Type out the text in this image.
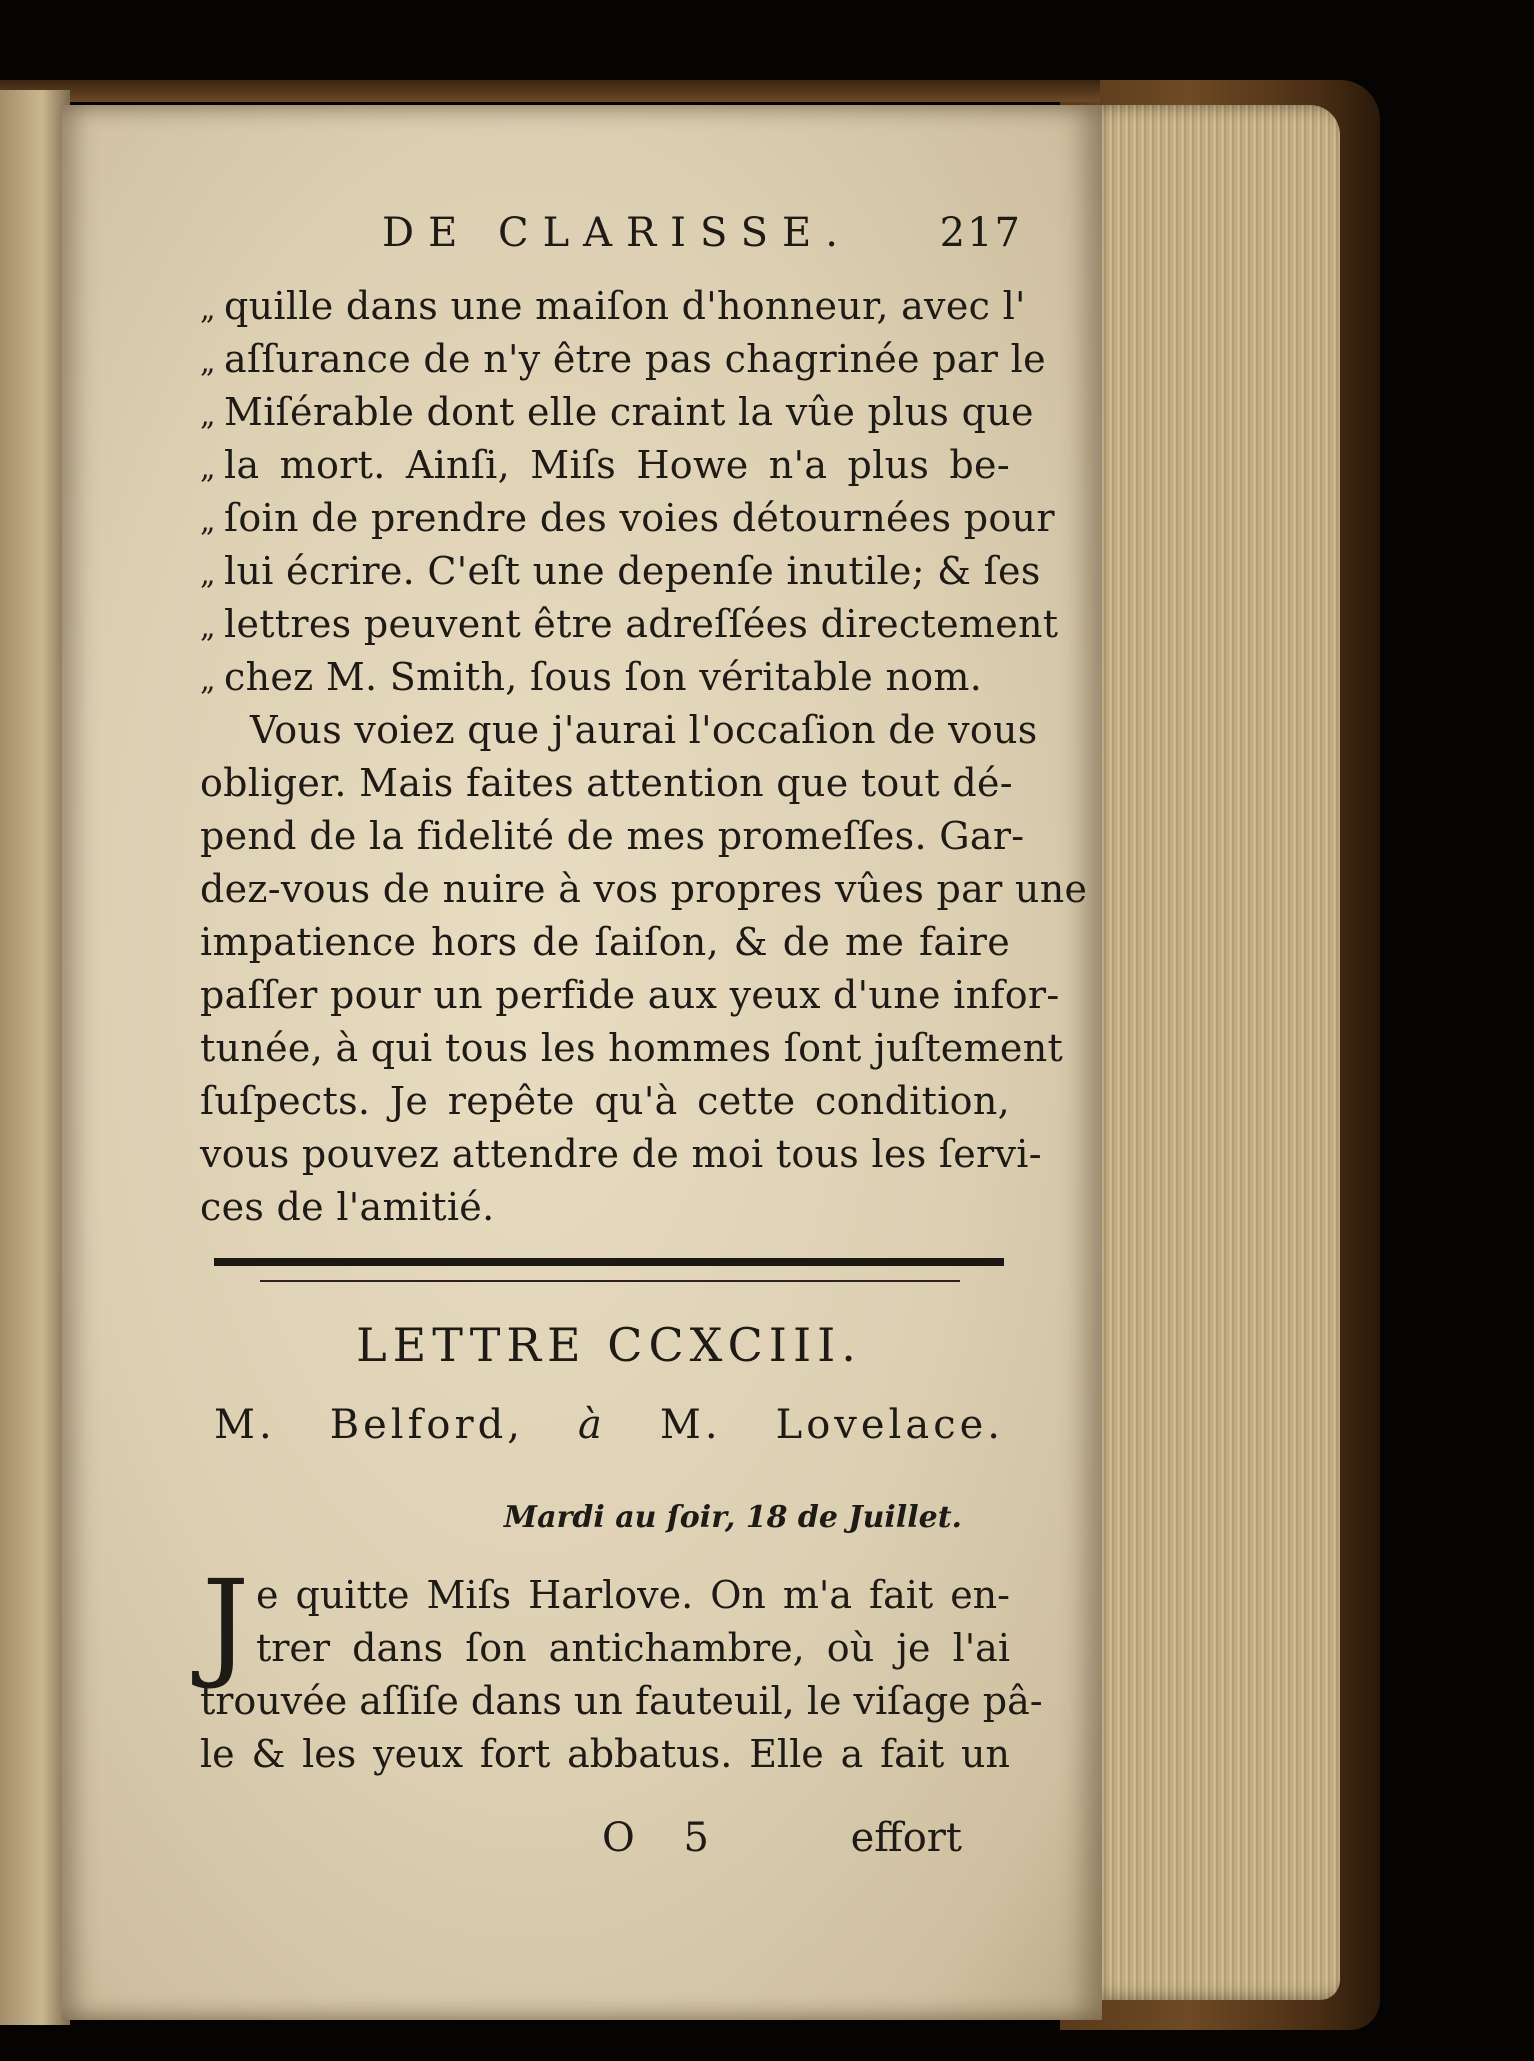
DE CLARISSE. 217
„ quille dans une maiſon d'honneur, avec l'
„ aſſurance de n'y être pas chagrinée par le
„ Miſérable dont elle craint la vûe plus que
„ la mort. Ainſi, Miſs Howe n'a plus be-
„ ſoin de prendre des voies détournées pour
„ lui écrire. C'eſt une depenſe inutile; & ſes
„ lettres peuvent être adreſſées directement
„ chez M. Smith, ſous ſon véritable nom.
Vous voiez que j'aurai l'occaſion de vous
obliger. Mais faites attention que tout dé-
pend de la fidelité de mes promeſſes. Gar-
dez-vous de nuire à vos propres vûes par une
impatience hors de ſaiſon, & de me faire
paſſer pour un perfide aux yeux d'une infor-
tunée, à qui tous les hommes ſont juſtement
ſuſpects. Je repête qu'à cette condition,
vous pouvez attendre de moi tous les ſervi-
ces de l'amitié.
LETTRE CCXCIII.
M. Belford, à M. Lovelace.
Mardi au ſoir, 18 de Juillet.
J e quitte Miſs Harlove. On m'a fait en-
trer dans ſon antichambre, où je l'ai
trouvée aſſiſe dans un fauteuil, le viſage pâ-
le & les yeux fort abbatus. Elle a fait un
O 5	effort
